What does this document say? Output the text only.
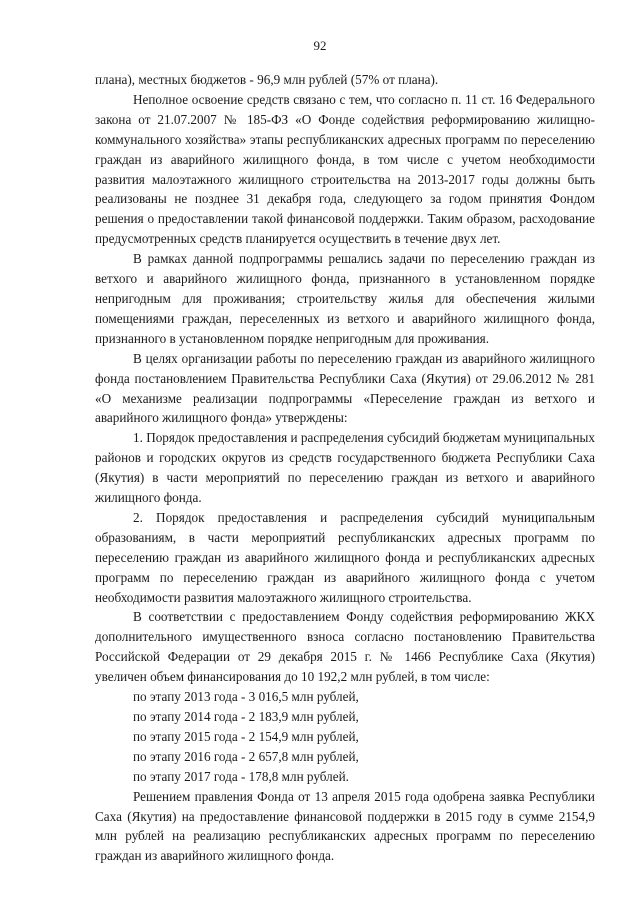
92

плана), местных бюджетов - 96,9 млн рублей (57% от плана).

Неполное освоение средств связано с тем, что согласно п. 11 ст. 16 Федерального закона от 21.07.2007 № 185-ФЗ «О Фонде содействия реформированию жилищно-коммунального хозяйства» этапы республиканских адресных программ по переселению граждан из аварийного жилищного фонда, в том числе с учетом необходимости развития малоэтажного жилищного строительства на 2013-2017 годы должны быть реализованы не позднее 31 декабря года, следующего за годом принятия Фондом решения о предоставлении такой финансовой поддержки. Таким образом, расходование предусмотренных средств планируется осуществить в течение двух лет.

В рамках данной подпрограммы решались задачи по переселению граждан из ветхого и аварийного жилищного фонда, признанного в установленном порядке непригодным для проживания; строительству жилья для обеспечения жилыми помещениями граждан, переселенных из ветхого и аварийного жилищного фонда, признанного в установленном порядке непригодным для проживания.

В целях организации работы по переселению граждан из аварийного жилищного фонда постановлением Правительства Республики Саха (Якутия) от 29.06.2012 № 281 «О механизме реализации подпрограммы «Переселение граждан из ветхого и аварийного жилищного фонда» утверждены:

1. Порядок предоставления и распределения субсидий бюджетам муниципальных районов и городских округов из средств государственного бюджета Республики Саха (Якутия) в части мероприятий по переселению граждан из ветхого и аварийного жилищного фонда.

2. Порядок предоставления и распределения субсидий муниципальным образованиям, в части мероприятий республиканских адресных программ по переселению граждан из аварийного жилищного фонда и республиканских адресных программ по переселению граждан из аварийного жилищного фонда с учетом необходимости развития малоэтажного жилищного строительства.

В соответствии с предоставлением Фонду содействия реформированию ЖКХ дополнительного имущественного взноса согласно постановлению Правительства Российской Федерации от 29 декабря 2015 г. № 1466 Республике Саха (Якутия) увеличен объем финансирования до 10 192,2 млн рублей, в том числе:

по этапу 2013 года - 3 016,5 млн рублей,

по этапу 2014 года - 2 183,9 млн рублей,

по этапу 2015 года - 2 154,9 млн рублей,

по этапу 2016 года - 2 657,8 млн рублей,

по этапу 2017 года - 178,8 млн рублей.

Решением правления Фонда от 13 апреля 2015 года одобрена заявка Республики Саха (Якутия) на предоставление финансовой поддержки в 2015 году в сумме 2154,9 млн рублей на реализацию республиканских адресных программ по переселению граждан из аварийного жилищного фонда.
